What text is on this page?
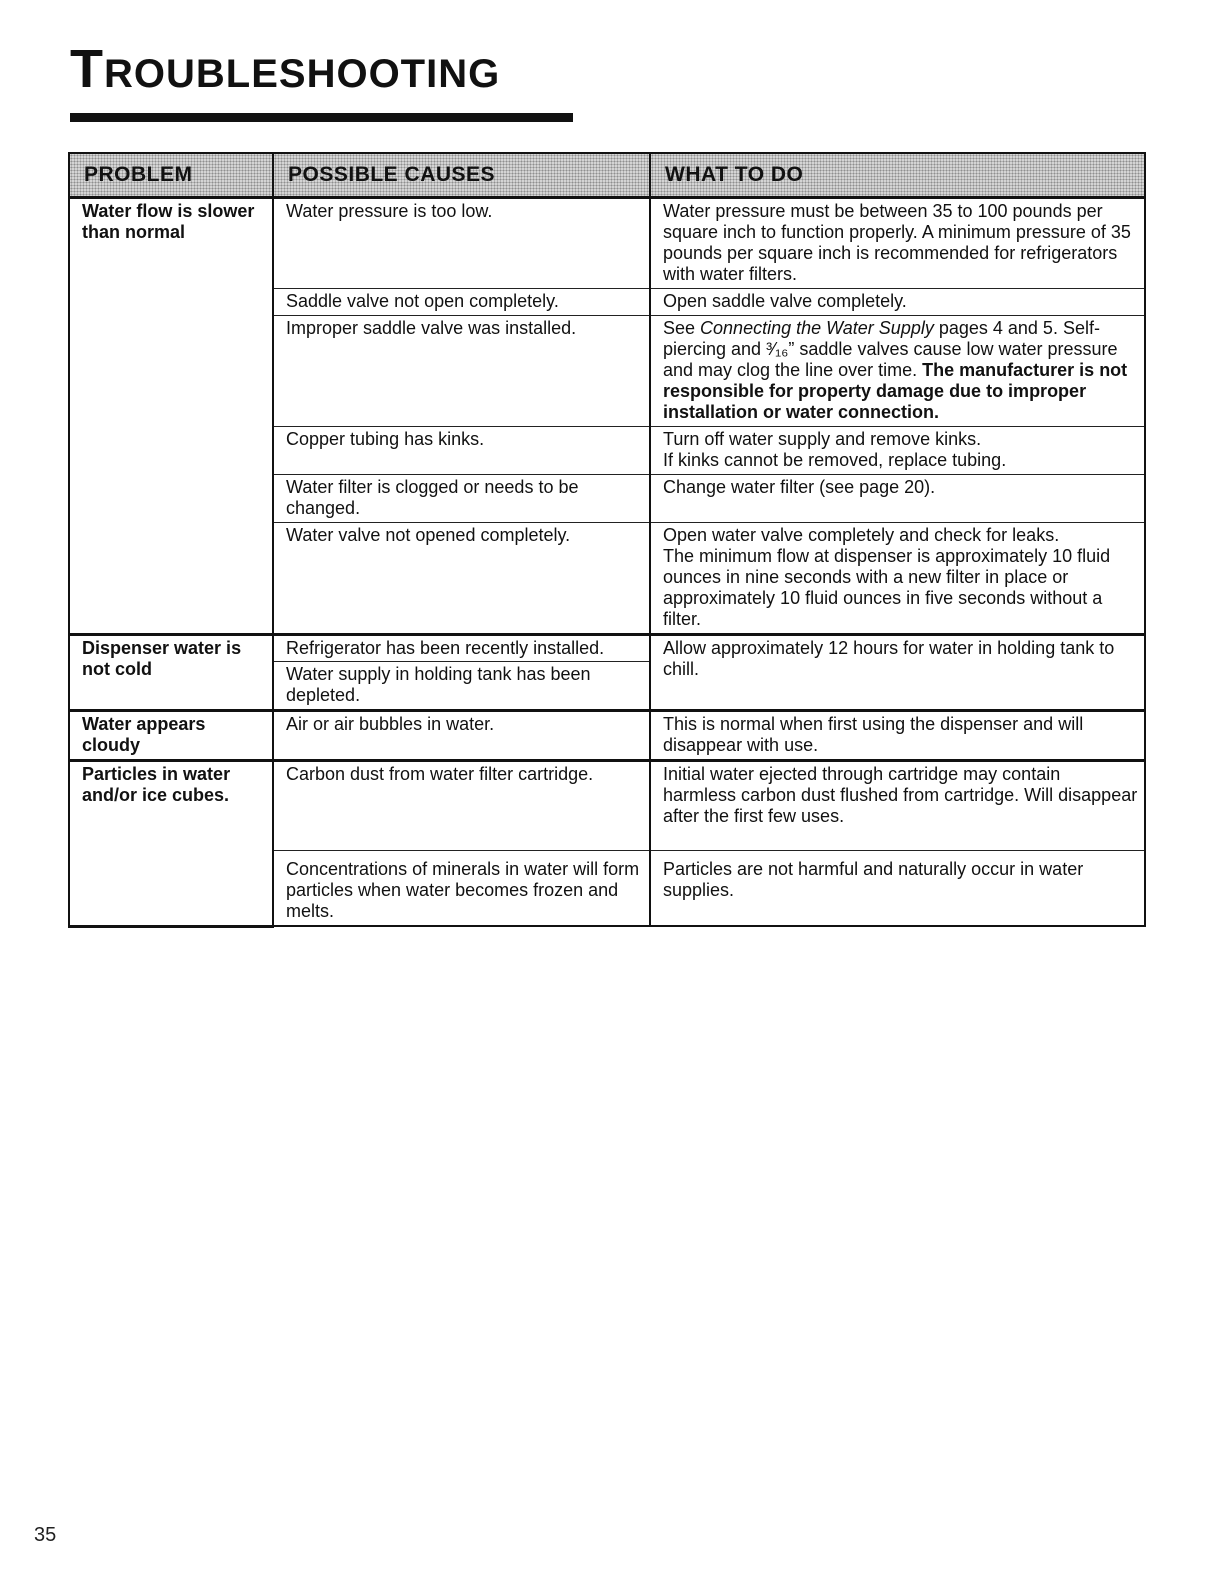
TROUBLESHOOTING
PROBLEM	POSSIBLE CAUSES	WHAT TO DO

Water flow is slower than normal	Water pressure is too low.	Water pressure must be between 35 to 100 pounds per square inch to function properly. A minimum pressure of 35 pounds per square inch is recommended for refrigerators with water filters.
	Saddle valve not open completely.	Open saddle valve completely.
	Improper saddle valve was installed.	See Connecting the Water Supply pages 4 and 5. Self-piercing and ³⁄₁₆” saddle valves cause low water pressure and may clog the line over time. The manufacturer is not responsible for property damage due to improper installation or water connection.
	Copper tubing has kinks.	Turn off water supply and remove kinks.
If kinks cannot be removed, replace tubing.

	Water filter is clogged or needs to be changed.	Change water filter (see page 20).
	Water valve not opened completely.	Open water valve completely and check for leaks.
The minimum flow at dispenser is approximately 10 fluid ounces in nine seconds with a new filter in place or approximately 10 fluid ounces in five seconds without a filter.

Dispenser water is not cold	Refrigerator has been recently installed.
Water supply in holding tank has been depleted.	Allow approximately 12 hours for water in holding tank to chill.
Water appears cloudy	Air or air bubbles in water.	This is normal when first using the dispenser and will disappear with use.
Particles in water and/or ice cubes.	Carbon dust from water filter cartridge.	Initial water ejected through cartridge may contain harmless carbon dust flushed from cartridge. Will disappear after the first few uses.
	Concentrations of minerals in water will form particles when water becomes frozen and melts.	Particles are not harmful and naturally occur in water supplies.
35
